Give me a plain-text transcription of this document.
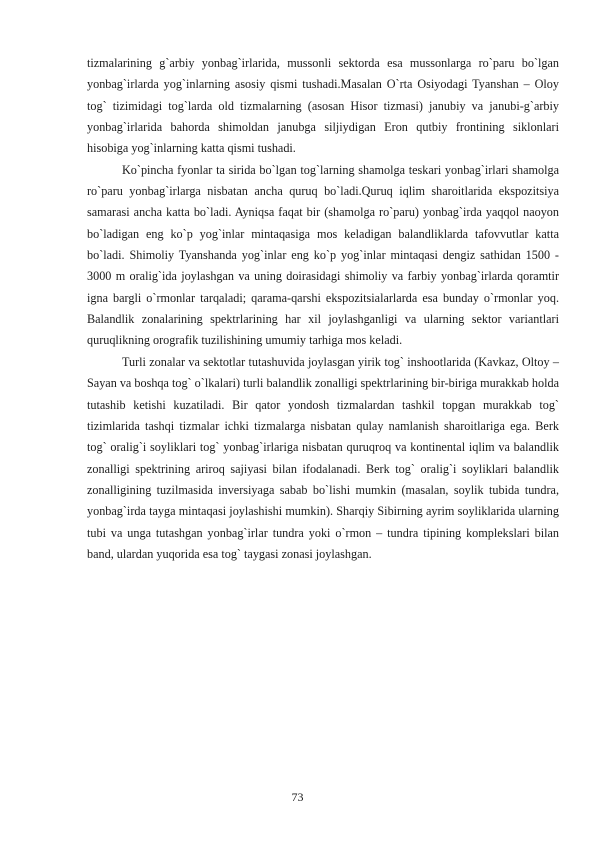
tizmalarining g`arbiy yonbag`irlarida, mussonli sektorda esa mussonlarga ro`paru bo`lgan yonbag`irlarda yog`inlarning asosiy qismi tushadi.Masalan O`rta Osiyodagi Tyanshan – Oloy tog` tizimidagi tog`larda old tizmalarning (asosan Hisor tizmasi) janubiy va janubi-g`arbiy yonbag`irlarida bahorda shimoldan janubga siljiydigan Eron qutbiy frontining siklonlari hisobiga yog`inlarning katta qismi tushadi.

Ko`pincha fyonlar ta sirida bo`lgan tog`larning shamolga teskari yonbag`irlari shamolga ro`paru yonbag`irlarga nisbatan ancha quruq bo`ladi.Quruq iqlim sharoitlarida ekspozitsiya samarasi ancha katta bo`ladi. Ayniqsa faqat bir (shamolga ro`paru) yonbag`irda yaqqol naoyon bo`ladigan eng ko`p yog`inlar mintaqasiga mos keladigan balandliklarda tafovvutlar katta bo`ladi. Shimoliy Tyanshanda yog`inlar eng ko`p yog`inlar mintaqasi dengiz sathidan 1500 - 3000 m oralig`ida joylashgan va uning doirasidagi shimoliy va farbiy yonbag`irlarda qoramtir igna bargli o`rmonlar tarqaladi; qarama-qarshi ekspozitsialarlarda esa bunday o`rmonlar yoq. Balandlik zonalarining spektrlarining har xil joylashganligi va ularning sektor variantlari quruqlikning orografik tuzilishining umumiy tarhiga mos keladi.

Turli zonalar va sektotlar tutashuvida joylasgan yirik tog` inshootlarida (Kavkaz, Oltoy – Sayan va boshqa tog` o`lkalari) turli balandlik zonalligi spektrlarining bir-biriga murakkab holda tutashib ketishi kuzatiladi. Bir qator yondosh tizmalardan tashkil topgan murakkab tog` tizimlarida tashqi tizmalar ichki tizmalarga nisbatan qulay namlanish sharoitlariga ega. Berk tog` oralig`i soyliklari tog` yonbag`irlariga nisbatan quruqroq va kontinental iqlim va balandlik zonalligi spektrining ariroq sajiyasi bilan ifodalanadi. Berk tog` oralig`i soyliklari balandlik zonalligining tuzilmasida inversiyaga sabab bo`lishi mumkin (masalan, soylik tubida tundra, yonbag`irda tayga mintaqasi joylashishi mumkin). Sharqiy Sibirning ayrim soyliklarida ularning tubi va unga tutashgan yonbag`irlar tundra yoki o`rmon – tundra tipining komplekslari bilan band, ulardan yuqorida esa tog` taygasi zonasi joylashgan.

73
